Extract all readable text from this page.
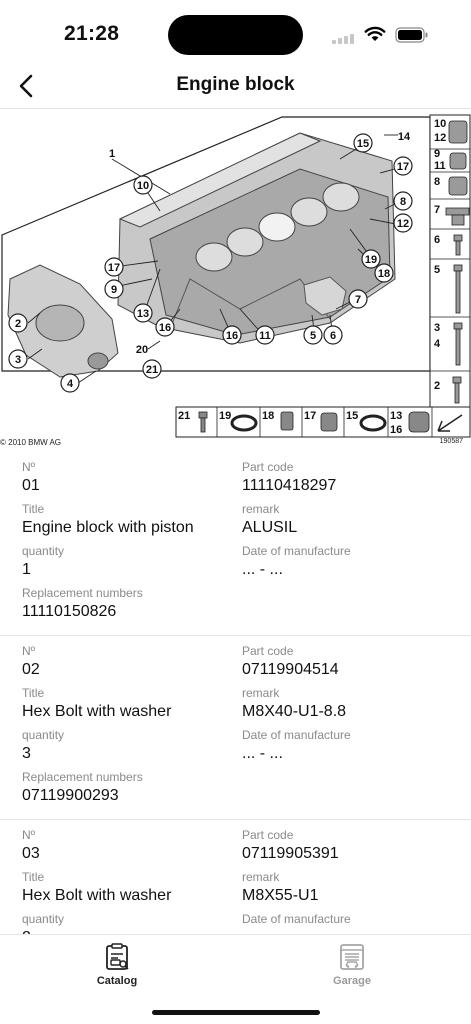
21:28
Engine block
10
12
9
11
8
7
6
5
3
4
2
21	19	18	17	15	13
16
1
10
14
15
17
8
12
19
18
17
9
13
16
16 11
7
5 6
2
3
4
20
21
© 2010 BMW AG	190587
Nº
01
Part code
11110418297
Title
Engine block with piston
remark
ALUSIL
quantity
1
Date of manufacture
... - ...
Replacement numbers
11110150826
Nº
02
Part code
07119904514
Title
Hex Bolt with washer
remark
M8X40-U1-8.8
quantity
3
Date of manufacture
... - ...
Replacement numbers
07119900293
Nº
03
Part code
07119905391
Title
Hex Bolt with washer
remark
M8X55-U1
quantity	Date of manufacture
Catalog	Garage
